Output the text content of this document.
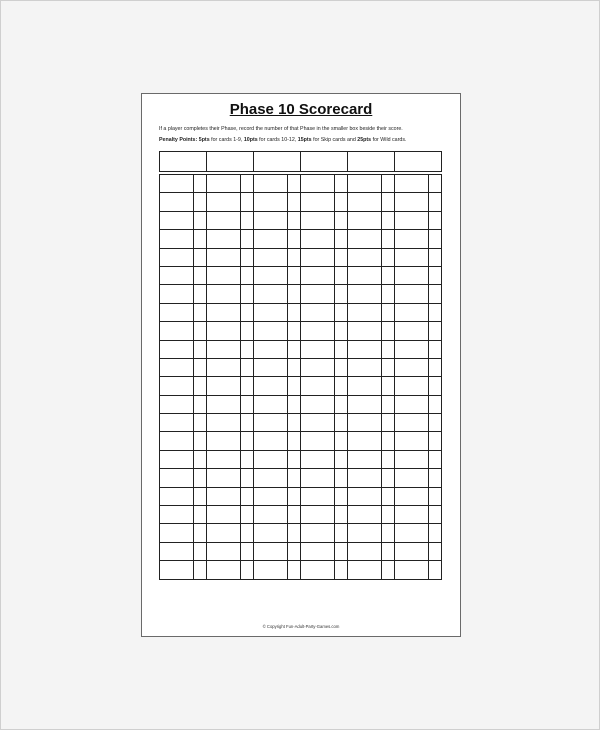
Phase 10 Scorecard
If a player completes their Phase, record the number of that Phase in the smaller box beside their score.
Penalty Points: 5pts for cards 1-9, 10pts for cards 10-12, 15pts for Skip cards and 25pts for Wild cards.
© Copyright Fun-Adult-Party-Games.com
